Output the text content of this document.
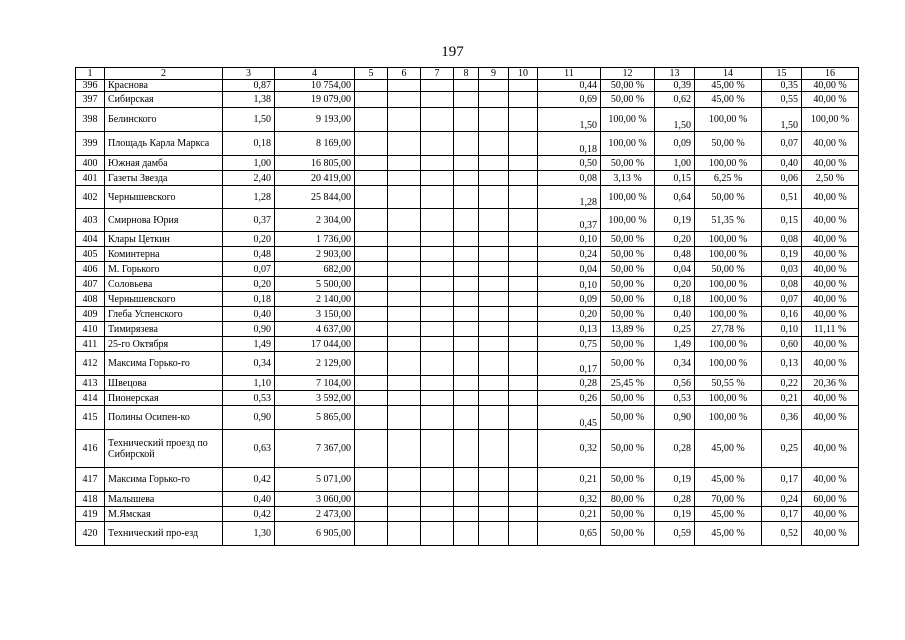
197
1	2	3	4	5	6	7	8	9	10	11	12	13	14	15	16
396	Краснова	0,87	10 754,00							0,44	50,00 %	0,39	45,00 %	0,35	40,00 %
397	Сибирская	1,38	19 079,00							0,69	50,00 %	0,62	45,00 %	0,55	40,00 %
398	Белинского	1,50	9 193,00							1,50	100,00 %	1,50	100,00 %	1,50	100,00 %
399	Площадь Карла Маркса	0,18	8 169,00							0,18	100,00 %	0,09	50,00 %	0,07	40,00 %
400	Южная дамба	1,00	16 805,00							0,50	50,00 %	1,00	100,00 %	0,40	40,00 %
401	Газеты Звезда	2,40	20 419,00							0,08	3,13 %	0,15	6,25 %	0,06	2,50 %
402	Чернышевского	1,28	25 844,00							1,28	100,00 %	0,64	50,00 %	0,51	40,00 %
403	Смирнова Юрия	0,37	2 304,00							0,37	100,00 %	0,19	51,35 %	0,15	40,00 %
404	Клары Цеткин	0,20	1 736,00							0,10	50,00 %	0,20	100,00 %	0,08	40,00 %
405	Коминтерна	0,48	2 903,00							0,24	50,00 %	0,48	100,00 %	0,19	40,00 %
406	М. Горького	0,07	682,00							0,04	50,00 %	0,04	50,00 %	0,03	40,00 %
407	Соловьева	0,20	5 500,00							0,10	50,00 %	0,20	100,00 %	0,08	40,00 %
408	Чернышевского	0,18	2 140,00							0,09	50,00 %	0,18	100,00 %	0,07	40,00 %
409	Глеба Успенского	0,40	3 150,00							0,20	50,00 %	0,40	100,00 %	0,16	40,00 %
410	Тимирязева	0,90	4 637,00							0,13	13,89 %	0,25	27,78 %	0,10	11,11 %
411	25-го Октября	1,49	17 044,00							0,75	50,00 %	1,49	100,00 %	0,60	40,00 %
412	Максима Горько-го	0,34	2 129,00							0,17	50,00 %	0,34	100,00 %	0,13	40,00 %
413	Швецова	1,10	7 104,00							0,28	25,45 %	0,56	50,55 %	0,22	20,36 %
414	Пионерская	0,53	3 592,00							0,26	50,00 %	0,53	100,00 %	0,21	40,00 %
415	Полины Осипен-ко	0,90	5 865,00							0,45	50,00 %	0,90	100,00 %	0,36	40,00 %
416	Технический проезд по Сибирской	0,63	7 367,00							0,32	50,00 %	0,28	45,00 %	0,25	40,00 %
417	Максима Горько-го	0,42	5 071,00							0,21	50,00 %	0,19	45,00 %	0,17	40,00 %
418	Малышева	0,40	3 060,00							0,32	80,00 %	0,28	70,00 %	0,24	60,00 %
419	М.Ямская	0,42	2 473,00							0,21	50,00 %	0,19	45,00 %	0,17	40,00 %
420	Технический про-езд	1,30	6 905,00							0,65	50,00 %	0,59	45,00 %	0,52	40,00 %
